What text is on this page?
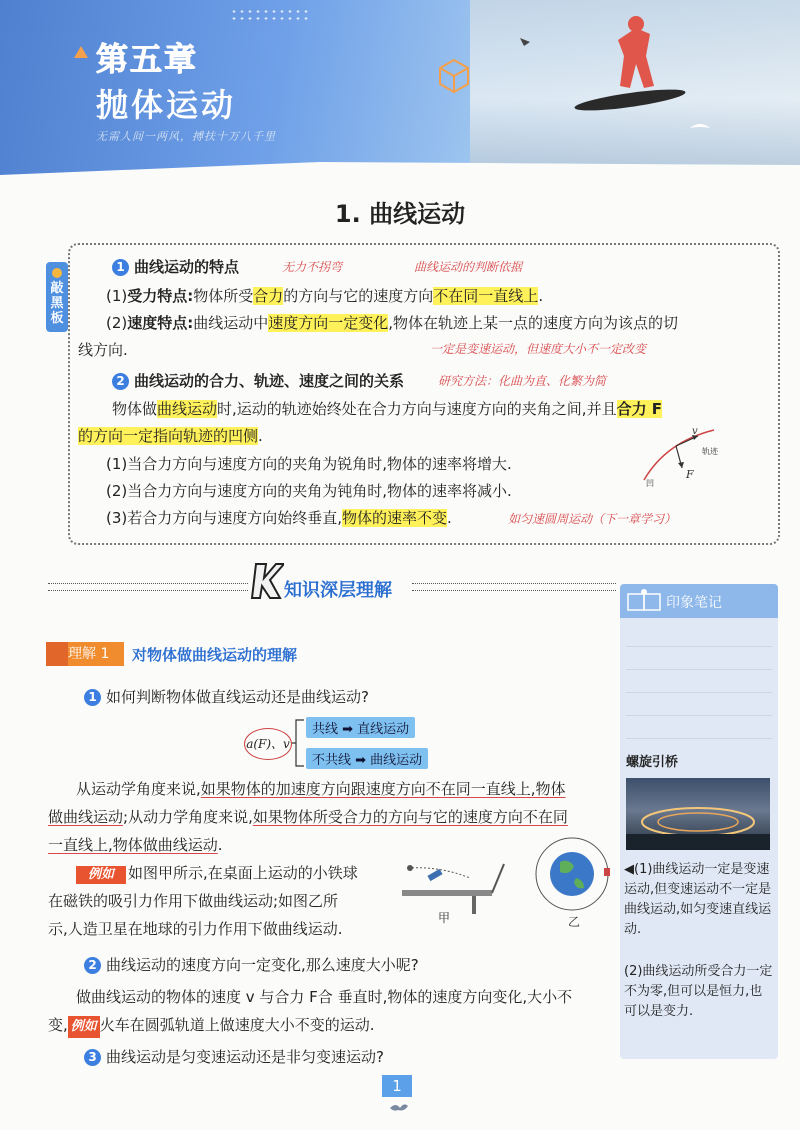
第五章
抛体运动
无需人间一两风，搏扶十万八千里
1. 曲线运动
敲黑板
1 曲线运动的特点	无力不拐弯	曲线运动的判断依据
(1)受力特点:物体所受合力的方向与它的速度方向不在同一直线上.
(2)速度特点:曲线运动中速度方向一定变化,物体在轨迹上某一点的速度方向为该点的切
线方向.	一定是变速运动，但速度大小不一定改变
2 曲线运动的合力、轨迹、速度之间的关系	研究方法：化曲为直、化繁为简
物体做曲线运动时,运动的轨迹始终处在合力方向与速度方向的夹角之间,并且合力 F
的方向一定指向轨迹的凹侧.
(1)当合力方向与速度方向的夹角为锐角时,物体的速率将增大.
(2)当合力方向与速度方向的夹角为钝角时,物体的速率将减小.
(3)若合力方向与速度方向始终垂直,物体的速率不变.	如匀速圆周运动（下一章学习）
v
轨迹
凹
F
知识深层理解
印象笔记
螺旋引桥
◀(1)曲线运动一定是变速运动,但变速运动不一定是曲线运动,如匀变速直线运动.
(2)曲线运动所受合力一定不为零,但可以是恒力,也可以是变力.
理解 1	对物体做曲线运动的理解
1 如何判断物体做直线运动还是曲线运动?
a(F)、v
共线 ➡ 直线运动
不共线 ➡ 曲线运动
从运动学角度来说,如果物体的加速度方向跟速度方向不在同一直线上,物体
做曲线运动;从动力学角度来说,如果物体所受合力的方向与它的速度方向不在同
一直线上,物体做曲线运动.
例如 如图甲所示,在桌面上运动的小铁球
在磁铁的吸引力作用下做曲线运动;如图乙所
示,人造卫星在地球的引力作用下做曲线运动.
甲	乙
2 曲线运动的速度方向一定变化,那么速度大小呢?
做曲线运动的物体的速度 v 与合力 F合 垂直时,物体的速度方向变化,大小不
变, 例如 火车在圆弧轨道上做速度大小不变的运动.
3 曲线运动是匀变速运动还是非匀变速运动?
1
